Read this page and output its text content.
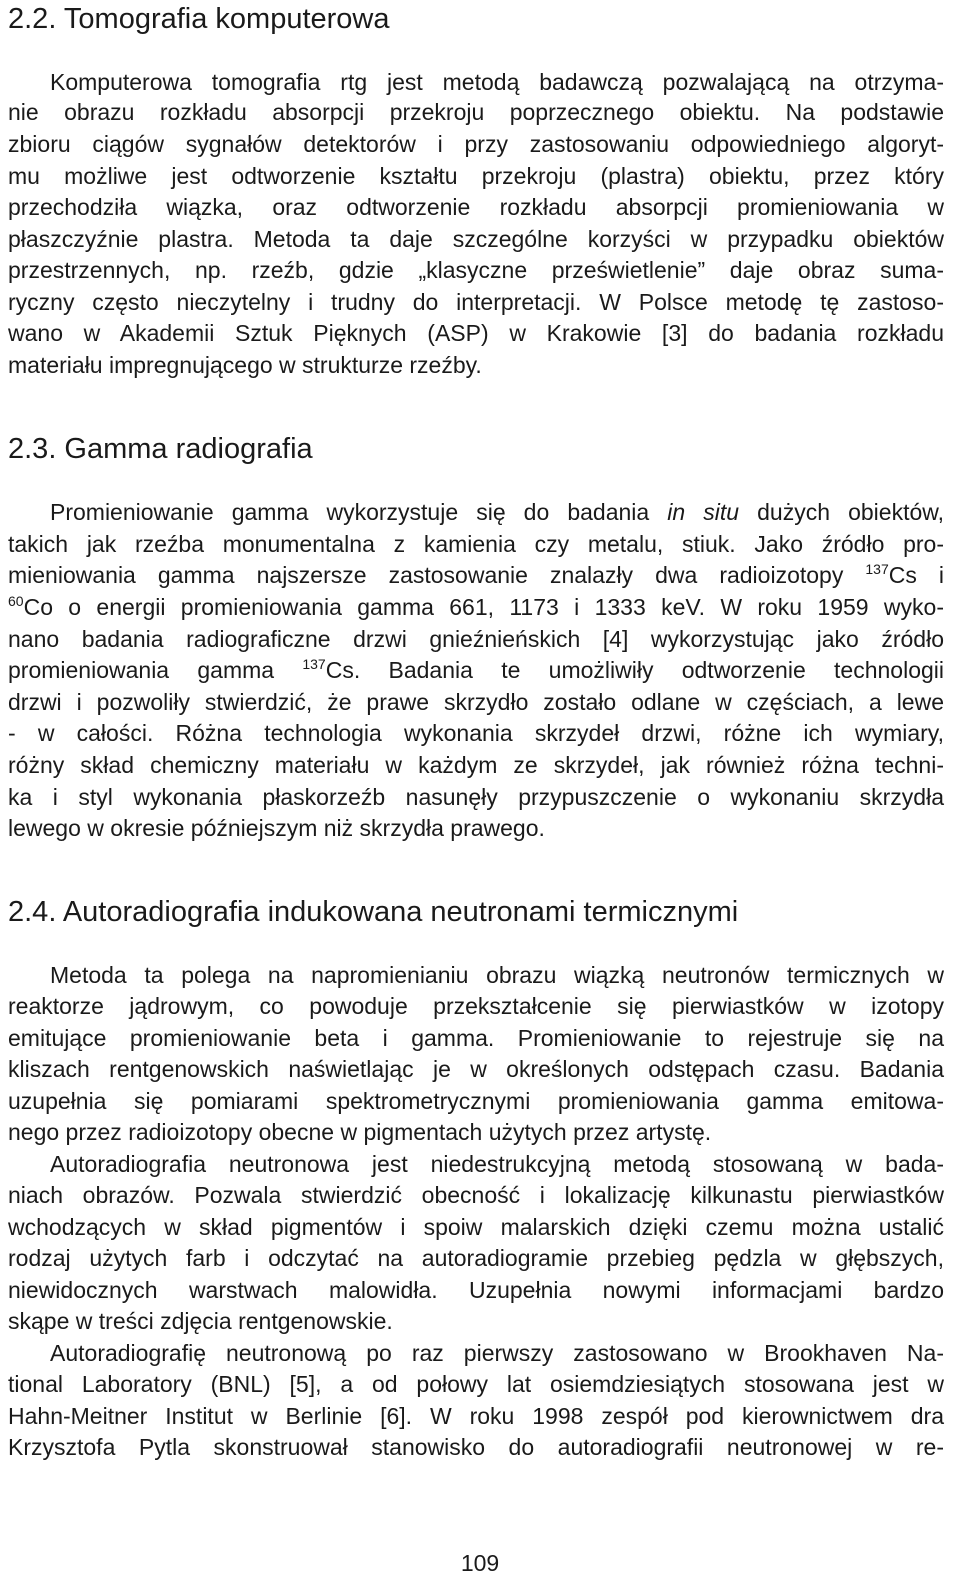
2.2. Tomografia komputerowa
Komputerowa tomografia rtg jest metodą badawczą pozwalającą na otrzyma-
nie obrazu rozkładu absorpcji przekroju poprzecznego obiektu. Na podstawie
zbioru ciągów sygnałów detektorów i przy zastosowaniu odpowiedniego algoryt-
mu możliwe jest odtworzenie kształtu przekroju (plastra) obiektu, przez który
przechodziła wiązka, oraz odtworzenie rozkładu absorpcji promieniowania w
płaszczyźnie plastra. Metoda ta daje szczególne korzyści w przypadku obiektów
przestrzennych, np. rzeźb, gdzie „klasyczne prześwietlenie” daje obraz suma-
ryczny często nieczytelny i trudny do interpretacji. W Polsce metodę tę zastoso-
wano w Akademii Sztuk Pięknych (ASP) w Krakowie [3] do badania rozkładu
materiału impregnującego w strukturze rzeźby.
2.3. Gamma radiografia
Promieniowanie gamma wykorzystuje się do badania in situ dużych obiektów,
takich jak rzeźba monumentalna z kamienia czy metalu, stiuk. Jako źródło pro-
mieniowania gamma najszersze zastosowanie znalazły dwa radioizotopy $^{137}$Cs i
$^{60}$Co o energii promieniowania gamma 661, 1173 i 1333 keV. W roku 1959 wyko-
nano badania radiograficzne drzwi gnieźnieńskich [4] wykorzystując jako źródło
promieniowania gamma $^{137}$Cs. Badania te umożliwiły odtworzenie technologii
drzwi i pozwoliły stwierdzić, że prawe skrzydło zostało odlane w częściach, a lewe
- w całości. Różna technologia wykonania skrzydeł drzwi, różne ich wymiary,
różny skład chemiczny materiału w każdym ze skrzydeł, jak również różna techni-
ka i styl wykonania płaskorzeźb nasunęły przypuszczenie o wykonaniu skrzydła
lewego w okresie późniejszym niż skrzydła prawego.
2.4. Autoradiografia indukowana neutronami termicznymi
Metoda ta polega na napromienianiu obrazu wiązką neutronów termicznych w
reaktorze jądrowym, co powoduje przekształcenie się pierwiastków w izotopy
emitujące promieniowanie beta i gamma. Promieniowanie to rejestruje się na
kliszach rentgenowskich naświetlając je w określonych odstępach czasu. Badania
uzupełnia się pomiarami spektrometrycznymi promieniowania gamma emitowa-
nego przez radioizotopy obecne w pigmentach użytych przez artystę.
Autoradiografia neutronowa jest niedestrukcyjną metodą stosowaną w bada-
niach obrazów. Pozwala stwierdzić obecność i lokalizację kilkunastu pierwiastków
wchodzących w skład pigmentów i spoiw malarskich dzięki czemu można ustalić
rodzaj użytych farb i odczytać na autoradiogramie przebieg pędzla w głębszych,
niewidocznych warstwach malowidła. Uzupełnia nowymi informacjami bardzo
skąpe w treści zdjęcia rentgenowskie.
Autoradiografię neutronową po raz pierwszy zastosowano w Brookhaven Na-
tional Laboratory (BNL) [5], a od połowy lat osiemdziesiątych stosowana jest w
Hahn-Meitner Institut w Berlinie [6]. W roku 1998 zespół pod kierownictwem dra
Krzysztofa Pytla skonstruował stanowisko do autoradiografii neutronowej w re-
109
